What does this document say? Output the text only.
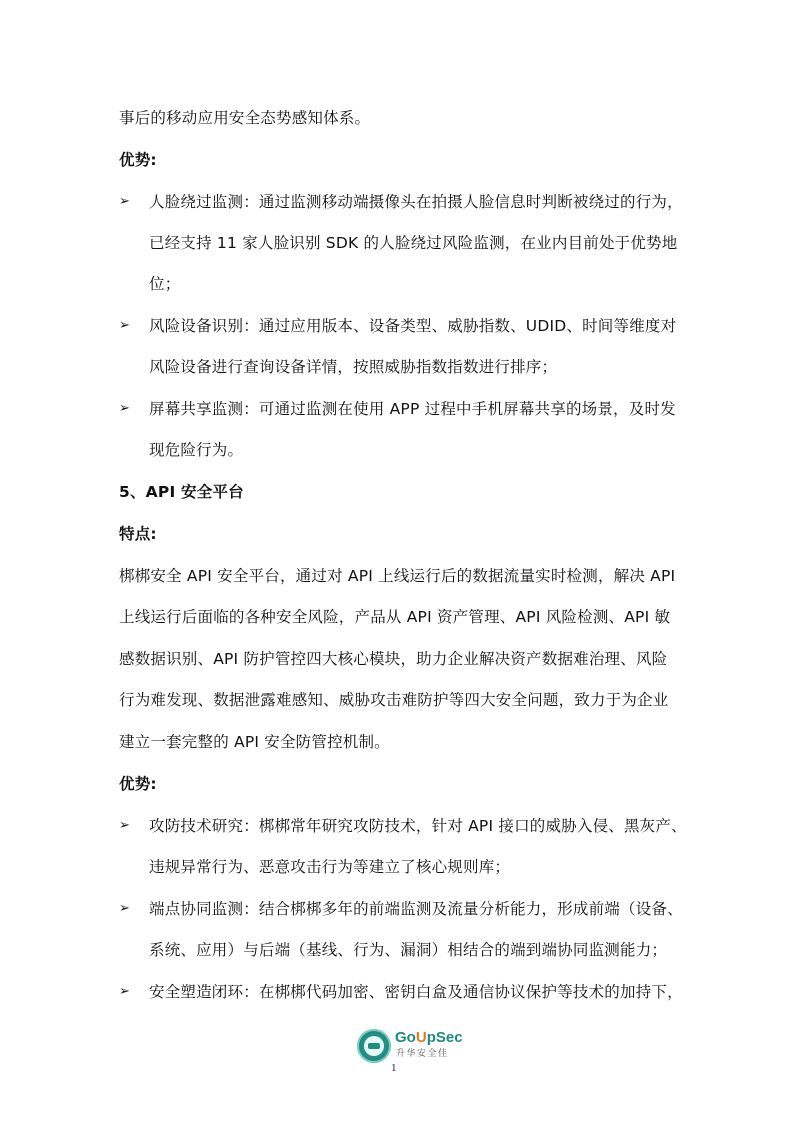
事后的移动应用安全态势感知体系。
优势:
➢ 人脸绕过监测：通过监测移动端摄像头在拍摄人脸信息时判断被绕过的行为，
已经支持 11 家人脸识别 SDK 的人脸绕过风险监测，在业内目前处于优势地
位；
➢ 风险设备识别：通过应用版本、设备类型、威胁指数、UDID、时间等维度对
风险设备进行查询设备详情，按照威胁指数指数进行排序；
➢ 屏幕共享监测：可通过监测在使用 APP 过程中手机屏幕共享的场景，及时发
现危险行为。
5、API 安全平台
特点:
梆梆安全 API 安全平台，通过对 API 上线运行后的数据流量实时检测，解决 API
上线运行后面临的各种安全风险，产品从 API 资产管理、API 风险检测、API 敏
感数据识别、API 防护管控四大核心模块，助力企业解决资产数据难治理、风险
行为难发现、数据泄露难感知、威胁攻击难防护等四大安全问题，致力于为企业
建立一套完整的 API 安全防管控机制。
优势:
➢ 攻防技术研究：梆梆常年研究攻防技术，针对 API 接口的威胁入侵、黑灰产、
违规异常行为、恶意攻击行为等建立了核心规则库；
➢ 端点协同监测：结合梆梆多年的前端监测及流量分析能力，形成前端（设备、
系统、应用）与后端（基线、行为、漏洞）相结合的端到端协同监测能力；
➢ 安全塑造闭环：在梆梆代码加密、密钥白盒及通信协议保护等技术的加持下，
GoUpSec
升华安全佳
1
